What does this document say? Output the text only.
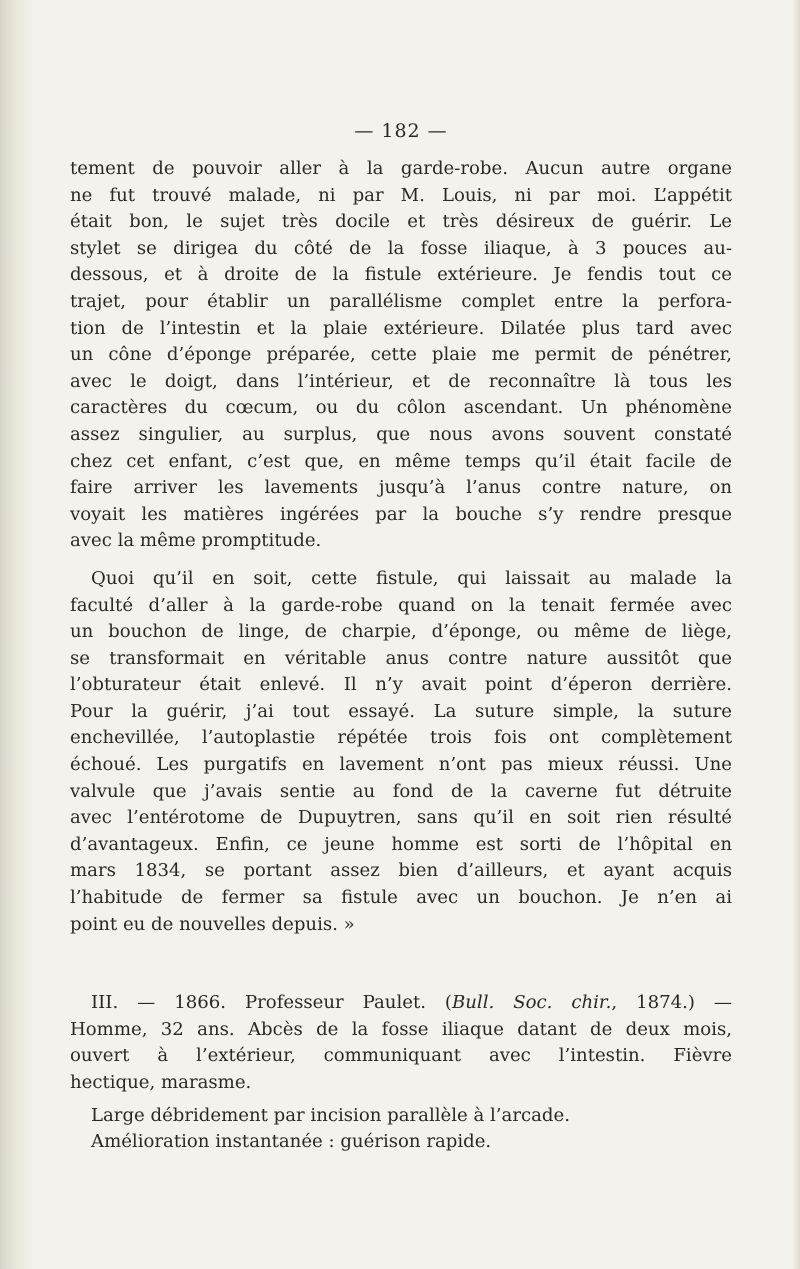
— 182 —
tement de pouvoir aller à la garde-robe. Aucun autre organe
ne fut trouvé malade, ni par M. Louis, ni par moi. L’appétit
était bon, le sujet très docile et très désireux de guérir. Le
stylet se dirigea du côté de la fosse iliaque, à 3 pouces au-
dessous, et à droite de la fistule extérieure. Je fendis tout ce
trajet, pour établir un parallélisme complet entre la perfora-
tion de l’intestin et la plaie extérieure. Dilatée plus tard avec
un cône d’éponge préparée, cette plaie me permit de pénétrer,
avec le doigt, dans l’intérieur, et de reconnaître là tous les
caractères du cœcum, ou du côlon ascendant. Un phénomène
assez singulier, au surplus, que nous avons souvent constaté
chez cet enfant, c’est que, en même temps qu’il était facile de
faire arriver les lavements jusqu’à l’anus contre nature, on
voyait les matières ingérées par la bouche s’y rendre presque
avec la même promptitude.
Quoi qu’il en soit, cette fistule, qui laissait au malade la
faculté d’aller à la garde-robe quand on la tenait fermée avec
un bouchon de linge, de charpie, d’éponge, ou même de liège,
se transformait en véritable anus contre nature aussitôt que
l’obturateur était enlevé. Il n’y avait point d’éperon derrière.
Pour la guérir, j’ai tout essayé. La suture simple, la suture
enchevillée, l’autoplastie répétée trois fois ont complètement
échoué. Les purgatifs en lavement n’ont pas mieux réussi. Une
valvule que j’avais sentie au fond de la caverne fut détruite
avec l’entérotome de Dupuytren, sans qu’il en soit rien résulté
d’avantageux. Enfin, ce jeune homme est sorti de l’hôpital en
mars 1834, se portant assez bien d’ailleurs, et ayant acquis
l’habitude de fermer sa fistule avec un bouchon. Je n’en ai
point eu de nouvelles depuis. »
III. — 1866. Professeur Paulet. (Bull. Soc. chir., 1874.) —
Homme, 32 ans. Abcès de la fosse iliaque datant de deux mois,
ouvert à l’extérieur, communiquant avec l’intestin. Fièvre
hectique, marasme.
Large débridement par incision parallèle à l’arcade.
Amélioration instantanée : guérison rapide.
